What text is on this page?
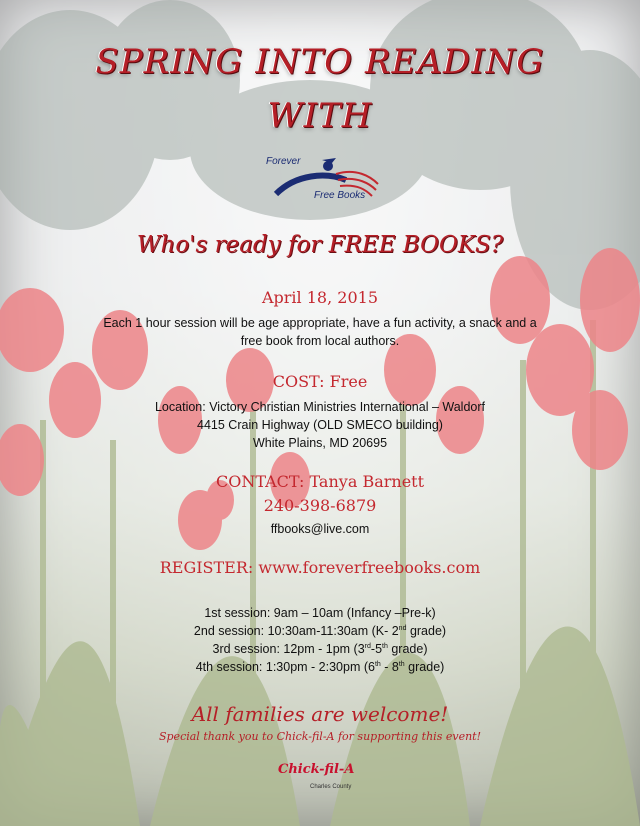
SPRING INTO READING
WITH
Forever
Free Books
Who's ready for FREE BOOKS?
April 18, 2015
Each 1 hour session will be age appropriate, have a fun activity, a snack and a
free book from local authors.
COST: Free
Location: Victory Christian Ministries International – Waldorf
4415 Crain Highway (OLD SMECO building)
White Plains, MD 20695
CONTACT: Tanya Barnett
240-398-6879
ffbooks@live.com
REGISTER: www.foreverfreebooks.com
1st session: 9am – 10am (Infancy –Pre-k)
2nd session: 10:30am-11:30am (K- 2nd grade)
3rd session: 12pm - 1pm (3rd-5th grade)
4th session: 1:30pm - 2:30pm (6th - 8th grade)
All families are welcome!
Special thank you to Chick-fil-A for supporting this event!
Chick-fil-A
Charles County
